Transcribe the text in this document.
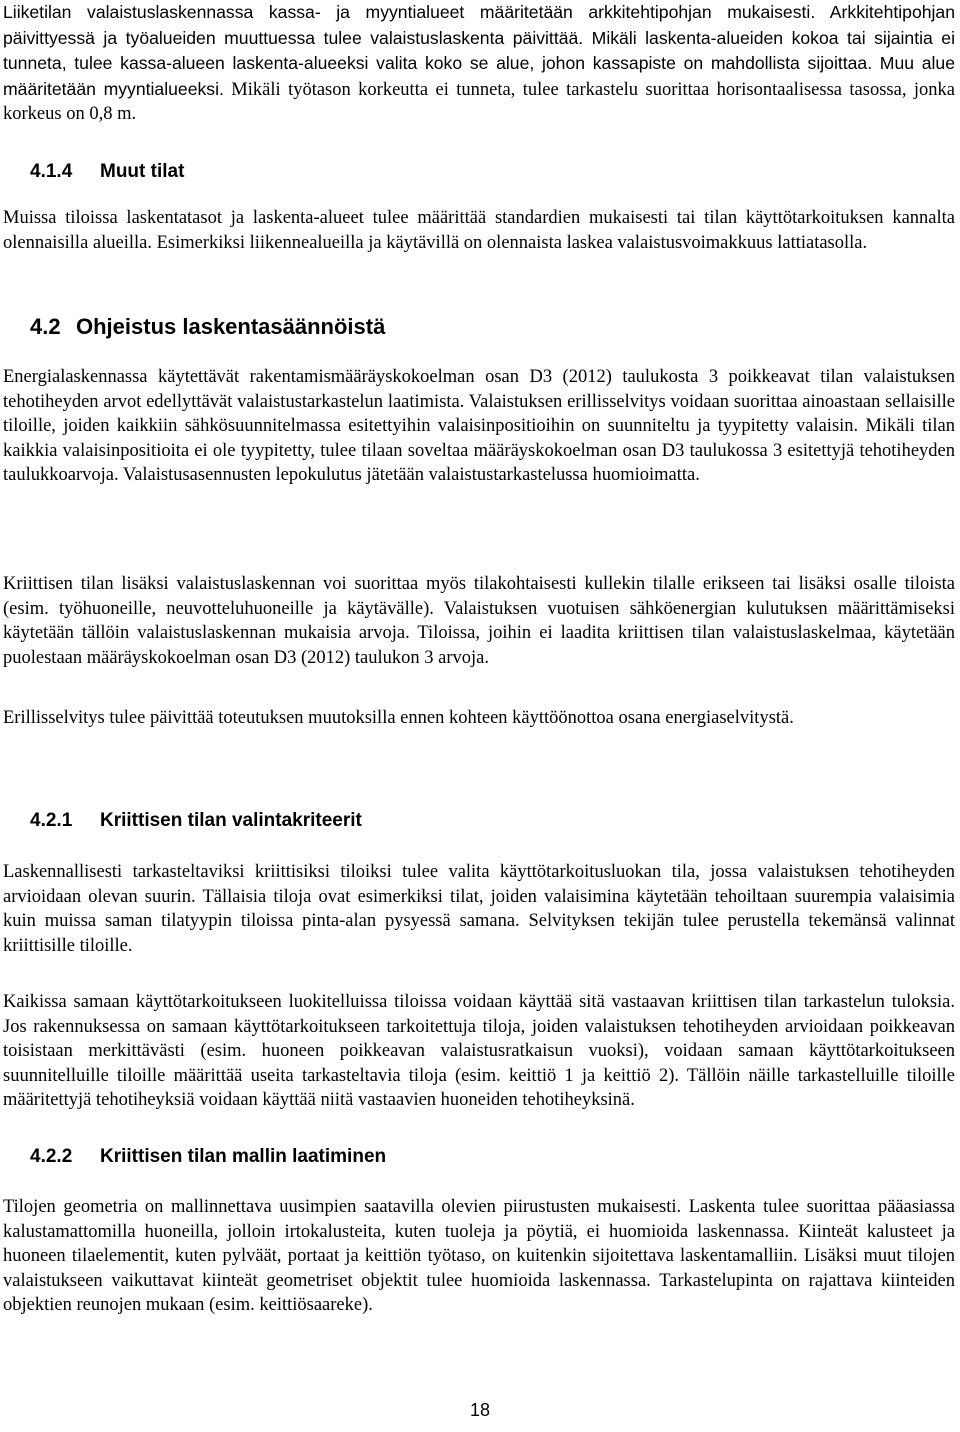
Liiketilan valaistuslaskennassa kassa- ja myyntialueet määritetään arkkitehtipohjan mukaisesti. Arkkitehtipohjan päivittyessä ja työalueiden muuttuessa tulee valaistuslaskenta päivittää. Mikäli laskenta-alueiden kokoa tai sijaintia ei tunneta, tulee kassa-alueen laskenta-alueeksi valita koko se alue, johon kassapiste on mahdollista sijoittaa. Muu alue määritetään myyntialueeksi. Mikäli työtason korkeutta ei tunneta, tulee tarkastelu suorittaa horisontaalisessa tasossa, jonka korkeus on 0,8 m.

4.1.4 Muut tilat

Muissa tiloissa laskentatasot ja laskenta-alueet tulee määrittää standardien mukaisesti tai tilan käyttötarkoituksen kannalta olennaisilla alueilla. Esimerkiksi liikennealueilla ja käytävillä on olennaista laskea valaistusvoimakkuus lattiatasolla.

4.2 Ohjeistus laskentasäännöistä

Energialaskennassa käytettävät rakentamismääräyskokoelman osan D3 (2012) taulukosta 3 poikkeavat tilan valaistuksen tehotiheyden arvot edellyttävät valaistustarkastelun laatimista. Valaistuksen erillisselvitys voidaan suorittaa ainoastaan sellaisille tiloille, joiden kaikkiin sähkösuunnitelmassa esitettyihin valaisinpositioihin on suunniteltu ja tyypitetty valaisin. Mikäli tilan kaikkia valaisinpositioita ei ole tyypitetty, tulee tilaan soveltaa määräyskokoelman osan D3 taulukossa 3 esitettyjä tehotiheyden taulukkoarvoja. Valaistusasennusten lepokulutus jätetään valaistustarkastelussa huomioimatta.

Kriittisen tilan lisäksi valaistuslaskennan voi suorittaa myös tilakohtaisesti kullekin tilalle erikseen tai lisäksi osalle tiloista (esim. työhuoneille, neuvotteluhuoneille ja käytävälle). Valaistuksen vuotuisen sähköenergian kulutuksen määrittämiseksi käytetään tällöin valaistuslaskennan mukaisia arvoja. Tiloissa, joihin ei laadita kriittisen tilan valaistuslaskelmaa, käytetään puolestaan määräyskokoelman osan D3 (2012) taulukon 3 arvoja.

Erillisselvitys tulee päivittää toteutuksen muutoksilla ennen kohteen käyttöönottoa osana energiaselvitystä.

4.2.1 Kriittisen tilan valintakriteerit

Laskennallisesti tarkasteltaviksi kriittisiksi tiloiksi tulee valita käyttötarkoitusluokan tila, jossa valaistuksen tehotiheyden arvioidaan olevan suurin. Tällaisia tiloja ovat esimerkiksi tilat, joiden valaisimina käytetään tehoiltaan suurempia valaisimia kuin muissa saman tilatyypin tiloissa pinta-alan pysyessä samana. Selvityksen tekijän tulee perustella tekemänsä valinnat kriittisille tiloille.

Kaikissa samaan käyttötarkoitukseen luokitelluissa tiloissa voidaan käyttää sitä vastaavan kriittisen tilan tarkastelun tuloksia. Jos rakennuksessa on samaan käyttötarkoitukseen tarkoitettuja tiloja, joiden valaistuksen tehotiheyden arvioidaan poikkeavan toisistaan merkittävästi (esim. huoneen poikkeavan valaistusratkaisun vuoksi), voidaan samaan käyttötarkoitukseen suunnitelluille tiloille määrittää useita tarkasteltavia tiloja (esim. keittiö 1 ja keittiö 2). Tällöin näille tarkastelluille tiloille määritettyjä tehotiheyksiä voidaan käyttää niitä vastaavien huoneiden tehotiheyksinä.

4.2.2 Kriittisen tilan mallin laatiminen

Tilojen geometria on mallinnettava uusimpien saatavilla olevien piirustusten mukaisesti. Laskenta tulee suorittaa pääasiassa kalustamattomilla huoneilla, jolloin irtokalusteita, kuten tuoleja ja pöytiä, ei huomioida laskennassa. Kiinteät kalusteet ja huoneen tilaelementit, kuten pylväät, portaat ja keittiön työtaso, on kuitenkin sijoitettava laskentamalliin. Lisäksi muut tilojen valaistukseen vaikuttavat kiinteät geometriset objektit tulee huomioida laskennassa. Tarkastelupinta on rajattava kiinteiden objektien reunojen mukaan (esim. keittiösaareke).

18
